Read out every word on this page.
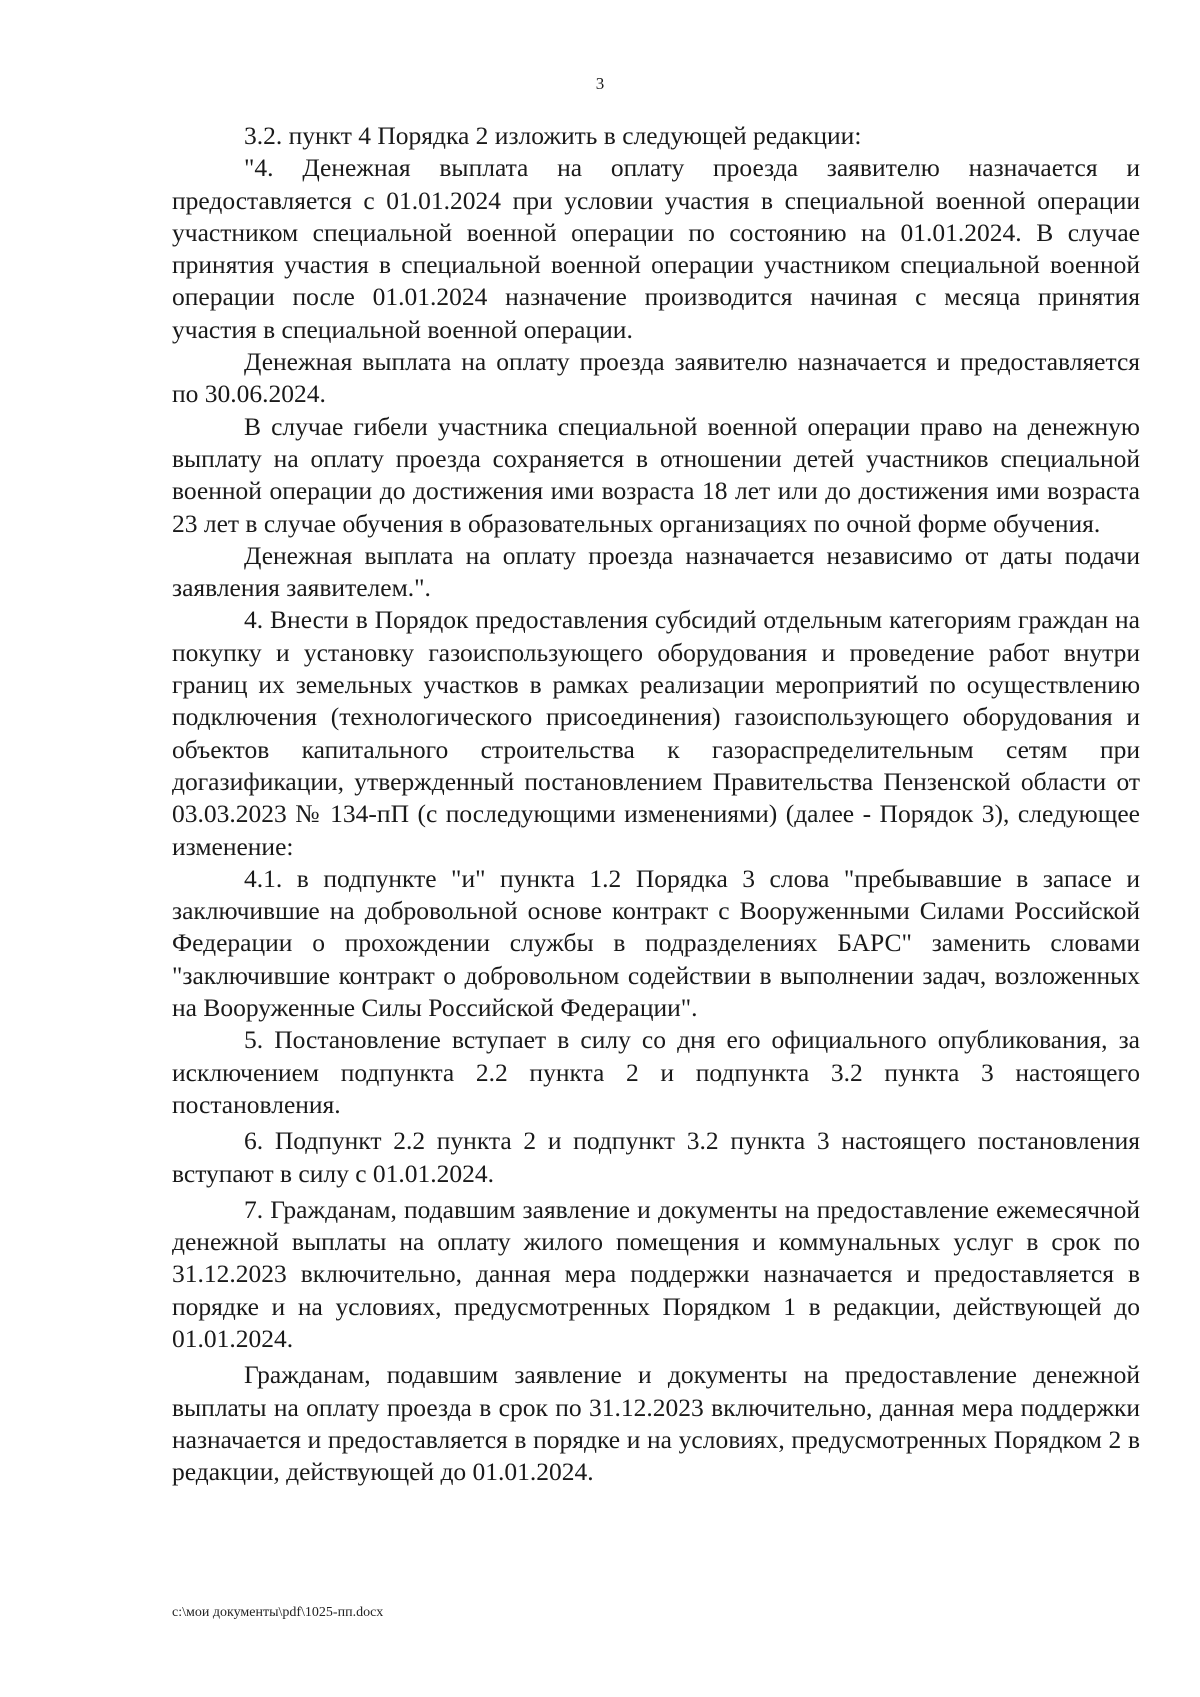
3

3.2. пункт 4 Порядка 2 изложить в следующей редакции:

"4. Денежная выплата на оплату проезда заявителю назначается и предоставляется с 01.01.2024 при условии участия в специальной военной операции участником специальной военной операции по состоянию на 01.01.2024. В случае принятия участия в специальной военной операции участником специальной военной операции после 01.01.2024 назначение производится начиная с месяца принятия участия в специальной военной операции.

Денежная выплата на оплату проезда заявителю назначается и предоставляется по 30.06.2024.

В случае гибели участника специальной военной операции право на денежную выплату на оплату проезда сохраняется в отношении детей участников специальной военной операции до достижения ими возраста 18 лет или до достижения ими возраста 23 лет в случае обучения в образовательных организациях по очной форме обучения.

Денежная выплата на оплату проезда назначается независимо от даты подачи заявления заявителем.".

4. Внести в Порядок предоставления субсидий отдельным категориям граждан на покупку и установку газоиспользующего оборудования и проведение работ внутри границ их земельных участков в рамках реализации мероприятий по осуществлению подключения (технологического присоединения) газоиспользующего оборудования и объектов капитального строительства к газораспределительным сетям при догазификации, утвержденный постановлением Правительства Пензенской области от 03.03.2023 № 134-пП (с последующими изменениями) (далее - Порядок 3), следующее изменение:

4.1. в подпункте "и" пункта 1.2 Порядка 3 слова "пребывавшие в запасе и заключившие на добровольной основе контракт с Вооруженными Силами Российской Федерации о прохождении службы в подразделениях БАРС" заменить словами "заключившие контракт о добровольном содействии в выполнении задач, возложенных на Вооруженные Силы Российской Федерации".

5. Постановление вступает в силу со дня его официального опубликования, за исключением подпункта 2.2 пункта 2 и подпункта 3.2 пункта 3 настоящего постановления.

6. Подпункт 2.2 пункта 2 и подпункт 3.2 пункта 3 настоящего постановления вступают в силу с 01.01.2024.

7. Гражданам, подавшим заявление и документы на предоставление ежемесячной денежной выплаты на оплату жилого помещения и коммунальных услуг в срок по 31.12.2023 включительно, данная мера поддержки назначается и предоставляется в порядке и на условиях, предусмотренных Порядком 1 в редакции, действующей до 01.01.2024.

Гражданам, подавшим заявление и документы на предоставление денежной выплаты на оплату проезда в срок по 31.12.2023 включительно, данная мера поддержки назначается и предоставляется в порядке и на условиях, предусмотренных Порядком 2 в редакции, действующей до 01.01.2024.

c:\мои документы\pdf\1025-пп.docx
